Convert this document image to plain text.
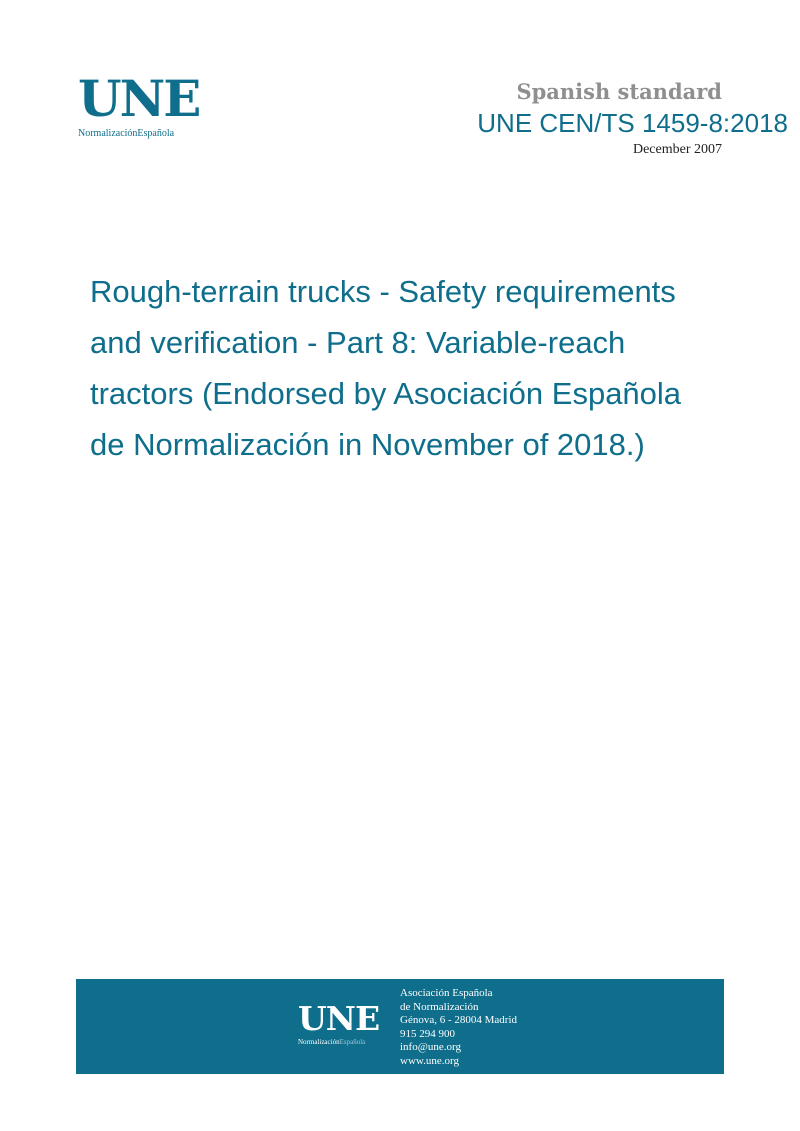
UNE
NormalizaciónEspañola
Spanish standard
UNE CEN/TS 1459-8:2018
December 2007
Rough-terrain trucks - Safety requirements
and verification - Part 8: Variable-reach
tractors (Endorsed by Asociación Española
de Normalización in November of 2018.)
UNE
NormalizaciónEspañola
Asociación Española
de Normalización
Génova, 6 - 28004 Madrid
915 294 900
info@une.org
www.une.org
